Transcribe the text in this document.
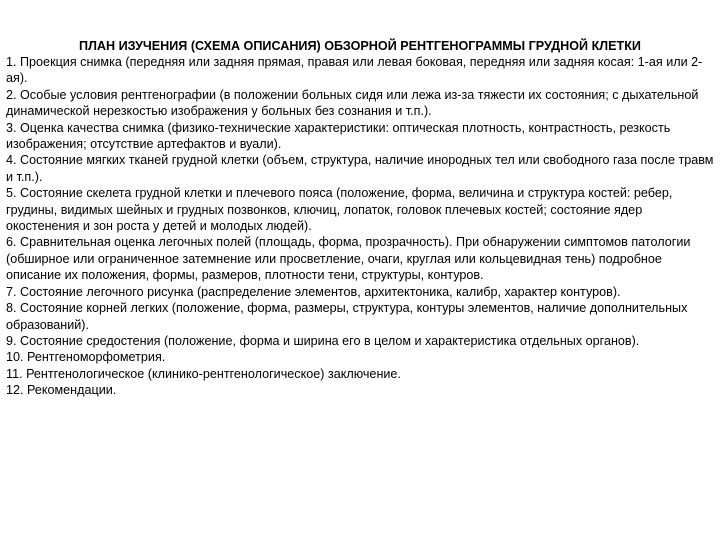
ПЛАН ИЗУЧЕНИЯ (СХЕМА ОПИСАНИЯ) ОБЗОРНОЙ РЕНТГЕНОГРАММЫ ГРУДНОЙ КЛЕТКИ

1. Проекция снимка (передняя или задняя прямая, правая или левая боковая, передняя или задняя косая: 1-ая или 2-ая).

2. Особые условия рентгенографии (в положении больных сидя или лежа из-за тяжести их состояния; с дыхательной динамической нерезкостью изображения у больных без сознания и т.п.).

3. Оценка качества снимка (физико-технические характеристики: оптическая плотность, контрастность, резкость изображения; отсутствие артефактов и вуали).

4. Состояние мягких тканей грудной клетки (объем, структура, наличие инородных тел или свободного газа после травм и т.п.).

5. Состояние скелета грудной клетки и плечевого пояса (положение, форма, величина и структура костей: ребер, грудины, видимых шейных и грудных позвонков, ключиц, лопаток, головок плечевых костей; состояние ядер окостенения и зон роста у детей и молодых людей).

6. Сравнительная оценка легочных полей (площадь, форма, прозрачность). При обнаружении симптомов патологии (обширное или ограниченное затемнение или просветление, очаги, круглая или кольцевидная тень) подробное описание их положения, формы, размеров, плотности тени, структуры, контуров.

7. Состояние легочного рисунка (распределение элементов, архитектоника, калибр, характер контуров).

8. Состояние корней легких (положение, форма, размеры, структура, контуры элементов, наличие дополнительных образований).

9. Состояние средостения (положение, форма и ширина его в целом и характеристика отдельных органов).

10. Рентгеноморфометрия.

11. Рентгенологическое (клинико-рентгенологическое) заключение.

12. Рекомендации.
